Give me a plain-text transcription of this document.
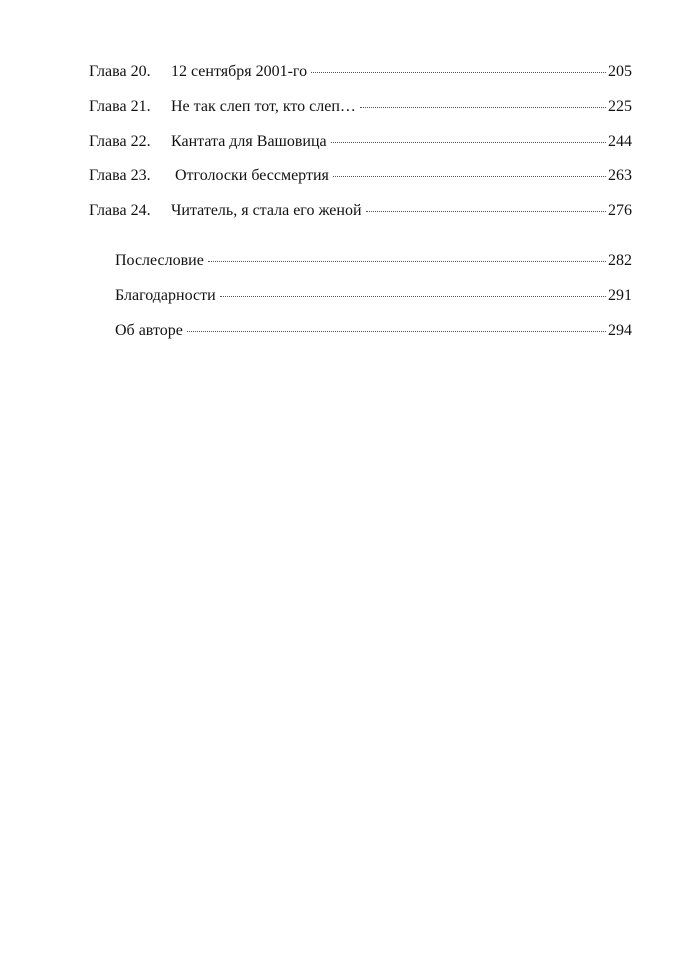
Глава 20.	12 сентября 2001-го	205
Глава 21.	Не так слеп тот, кто слеп…	225
Глава 22.	Кантата для Вашовица	244
Глава 23.	Отголоски бессмертия	263
Глава 24.	Читатель, я стала его женой	276
Послесловие	282
Благодарности	291
Об авторе	294
